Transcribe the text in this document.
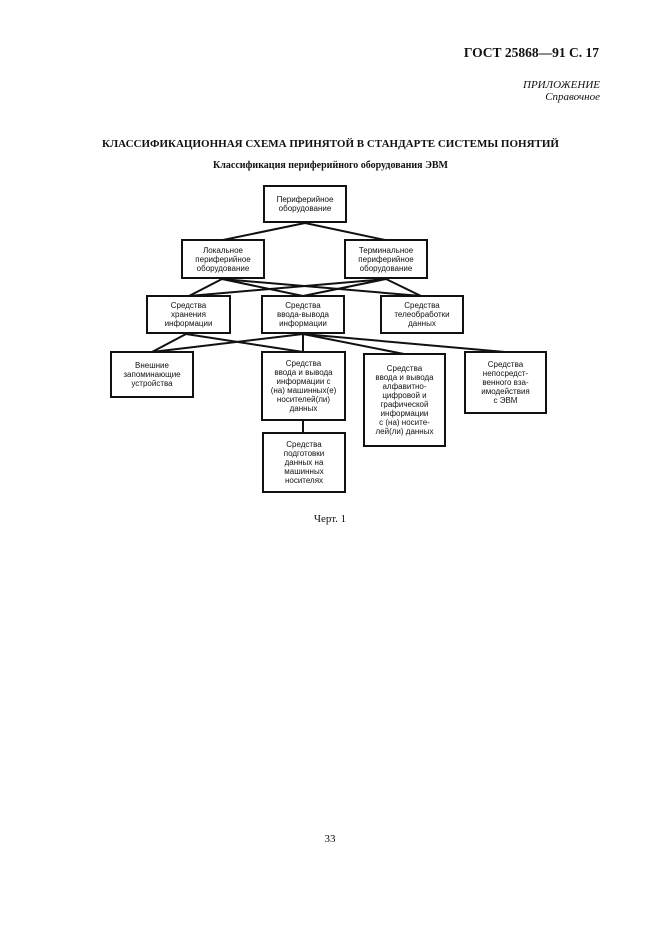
ГОСТ 25868—91 С. 17
ПРИЛОЖЕНИЕ
Справочное
КЛАССИФИКАЦИОННАЯ СХЕМА ПРИНЯТОЙ В СТАНДАРТЕ СИСТЕМЫ ПОНЯТИЙ
Классификация периферийного оборудования ЭВМ
Периферийное
оборудование
Локальное
периферийное
оборудование
Терминальное
периферийное
оборудование
Средства
хранения
информации
Средства
ввода-вывода
информации
Средства
телеобработки
данных
Внешние
запоминающие
устройства
Средства
ввода и вывода
информации с
(на) машинных(е)
носителей(ли)
данных
Средства
ввода и вывода
алфавитно-
цифровой и
графической
информации
с (на) носите-
лей(ли) данных
Средства
непосредст-
венного вза-
имодействия
с ЭВМ
Средства
подготовки
данных на
машинных
носителях
Черт. 1
33
